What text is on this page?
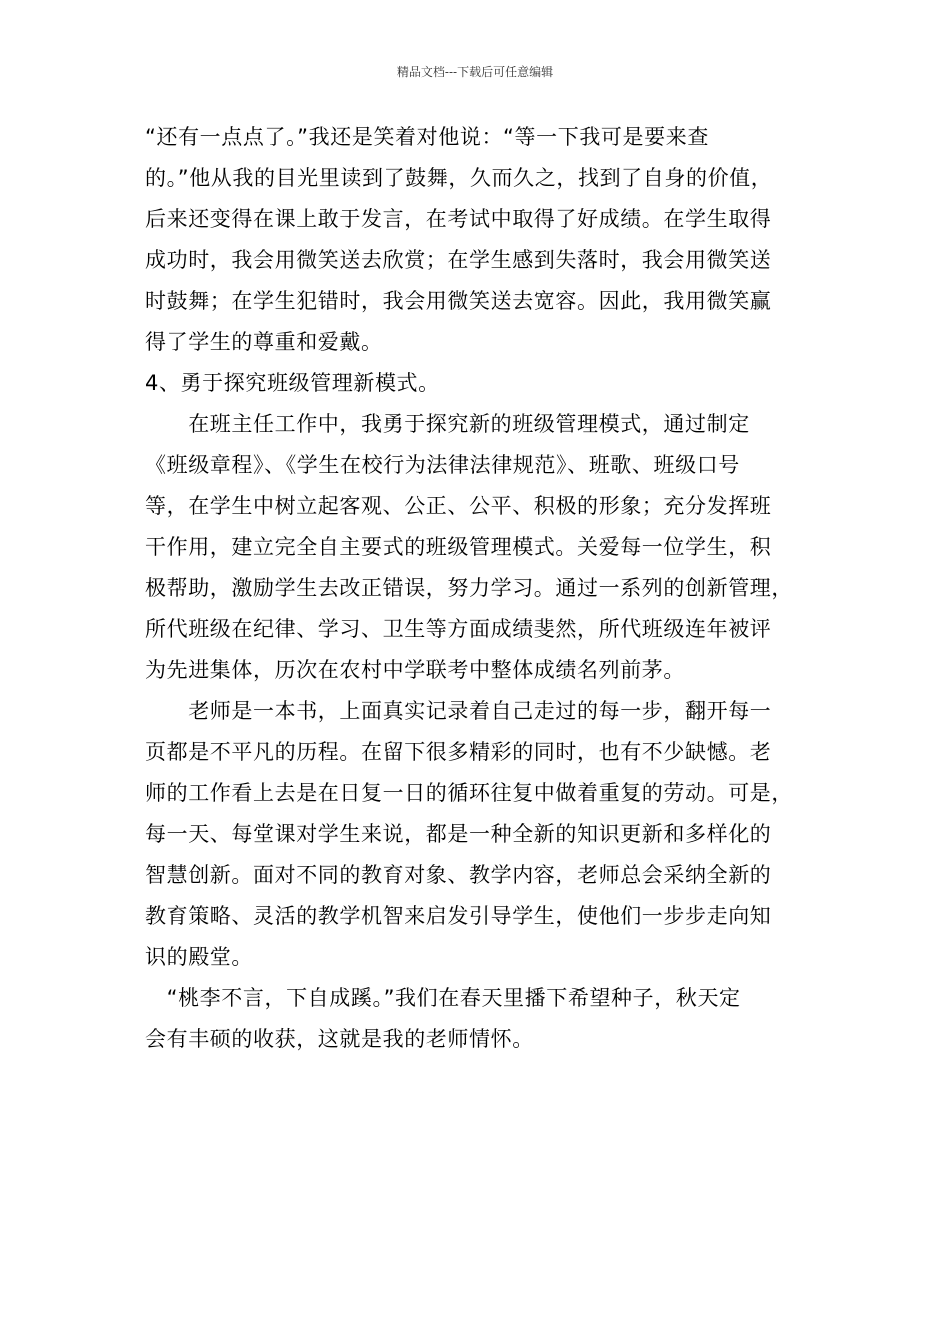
精品文档---下载后可任意编辑
“还有一点点了。”我还是笑着对他说：“等一下我可是要来查
的。”他从我的目光里读到了鼓舞，久而久之，找到了自身的价值，
后来还变得在课上敢于发言，在考试中取得了好成绩。在学生取得
成功时，我会用微笑送去欣赏；在学生感到失落时，我会用微笑送
时鼓舞；在学生犯错时，我会用微笑送去宽容。因此，我用微笑赢
得了学生的尊重和爱戴。
4、勇于探究班级管理新模式。
　　在班主任工作中，我勇于探究新的班级管理模式，通过制定
《班级章程》、《学生在校行为法律法律规范》、班歌、班级口号
等，在学生中树立起客观、公正、公平、积极的形象；充分发挥班
干作用，建立完全自主要式的班级管理模式。关爱每一位学生，积
极帮助，激励学生去改正错误，努力学习。通过一系列的创新管理，
所代班级在纪律、学习、卫生等方面成绩斐然，所代班级连年被评
为先进集体，历次在农村中学联考中整体成绩名列前茅。
　　老师是一本书，上面真实记录着自己走过的每一步，翻开每一
页都是不平凡的历程。在留下很多精彩的同时，也有不少缺憾。老
师的工作看上去是在日复一日的循环往复中做着重复的劳动。可是，
每一天、每堂课对学生来说，都是一种全新的知识更新和多样化的
智慧创新。面对不同的教育对象、教学内容，老师总会采纳全新的
教育策略、灵活的教学机智来启发引导学生，使他们一步步走向知
识的殿堂。
　“桃李不言，下自成蹊。”我们在春天里播下希望种子，秋天定
会有丰硕的收获，这就是我的老师情怀。
